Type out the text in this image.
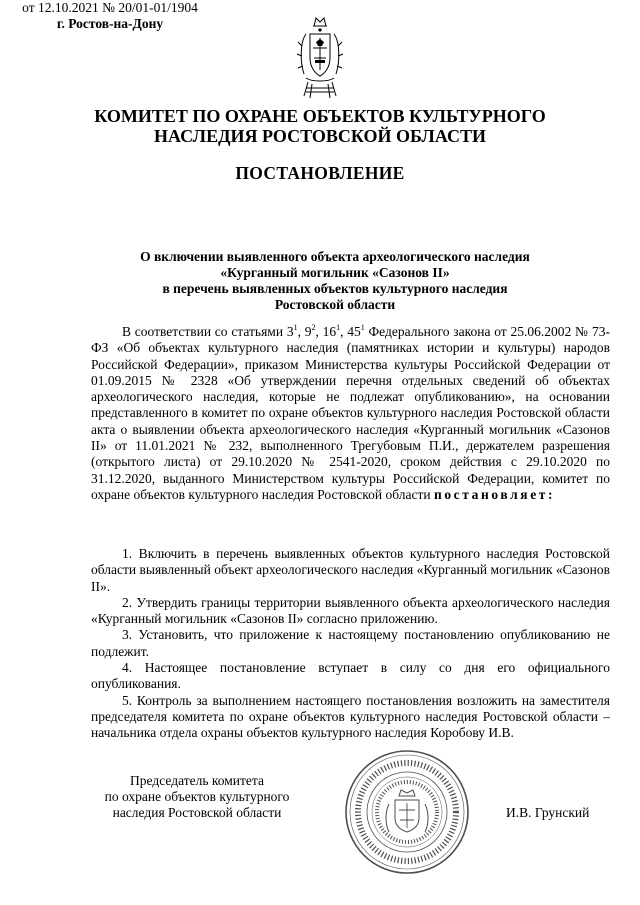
КОМИТЕТ ПО ОХРАНЕ ОБЪЕКТОВ КУЛЬТУРНОГО
НАСЛЕДИЯ РОСТОВСКОЙ ОБЛАСТИ
ПОСТАНОВЛЕНИЕ
от 12.10.2021 № 20/01-01/1904
г. Ростов-на-Дону
О включении выявленного объекта археологического наследия
«Курганный могильник «Сазонов II»
в перечень выявленных объектов культурного наследия
Ростовской области

В соответствии со статьями $3^1$, $9^2$, $16^1$, $45^1$ Федерального закона от 25.06.2002 № 73-ФЗ «Об объектах культурного наследия (памятниках истории и культуры) народов Российской Федерации», приказом Министерства культуры Российской Федерации от 01.09.2015 № 2328 «Об утверждении перечня отдельных сведений об объектах археологического наследия, которые не подлежат опубликованию», на основании представленного в комитет по охране объектов культурного наследия Ростовской области акта о выявлении объекта археологического наследия «Курганный могильник «Сазонов II» от 11.01.2021 № 232, выполненного Трегубовым П.И., держателем разрешения (открытого листа) от 29.10.2020 № 2541-2020, сроком действия с 29.10.2020 по 31.12.2020, выданного Министерством культуры Российской Федерации, комитет по охране объектов культурного наследия Ростовской области постановляет:

1. Включить в перечень выявленных объектов культурного наследия Ростовской области выявленный объект археологического наследия «Курганный могильник «Сазонов II».

2. Утвердить границы территории выявленного объекта археологического наследия «Курганный могильник «Сазонов II» согласно приложению.

3. Установить, что приложение к настоящему постановлению опубликованию не подлежит.

4. Настоящее постановление вступает в силу со дня его официального опубликования.

5. Контроль за выполнением настоящего постановления возложить на заместителя председателя комитета по охране объектов культурного наследия Ростовской области – начальника отдела охраны объектов культурного наследия Коробову И.В.

Председатель комитета
по охране объектов культурного
наследия Ростовской области	И.В. Грунский
